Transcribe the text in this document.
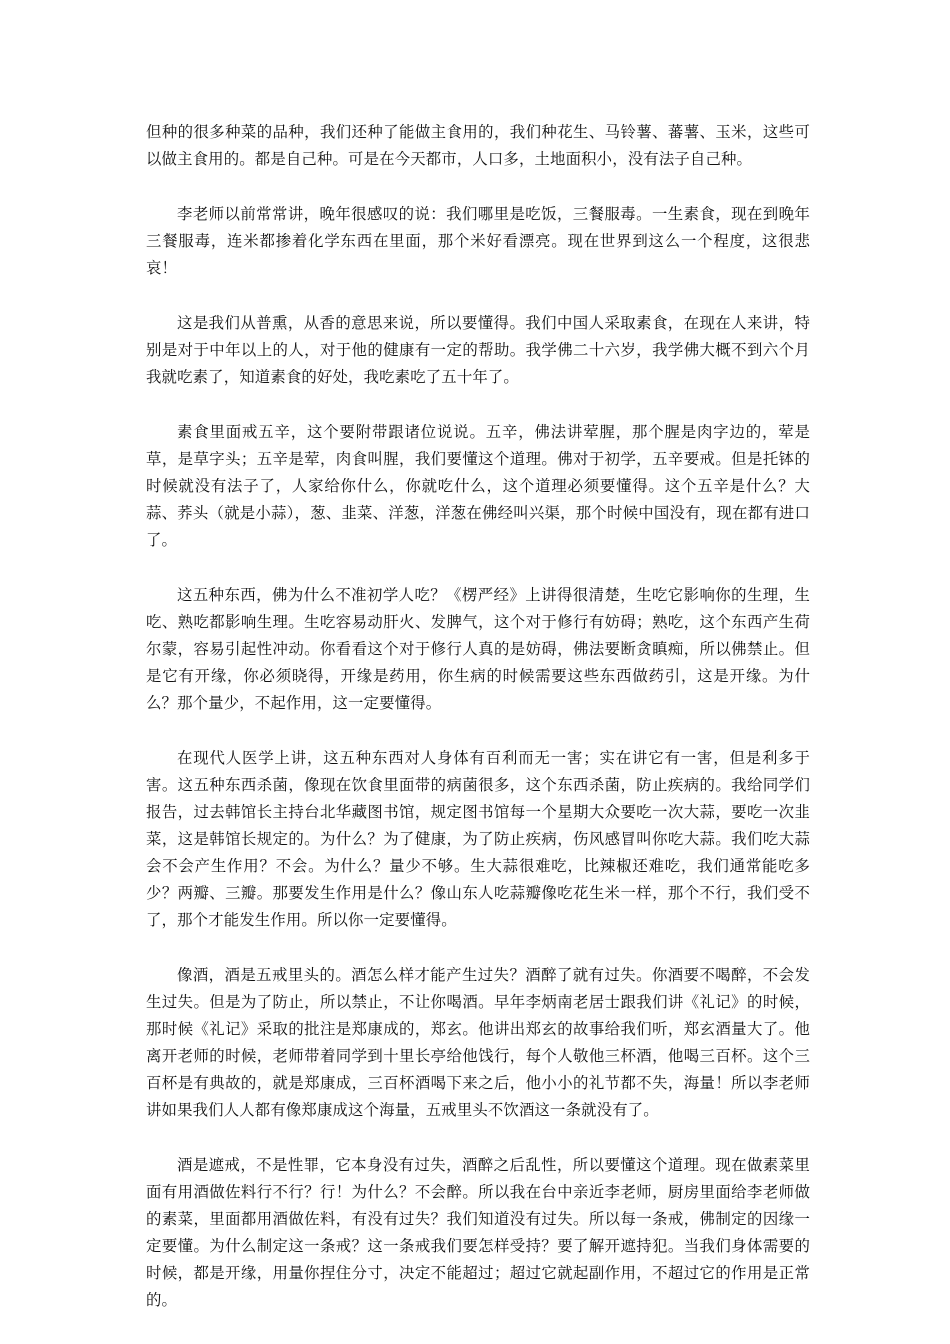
但种的很多种菜的品种，我们还种了能做主食用的，我们种花生、马铃薯、蕃薯、玉米，这些可以做主食用的。都是自己种。可是在今天都市，人口多，土地面积小，没有法子自己种。

李老师以前常常讲，晚年很感叹的说：我们哪里是吃饭，三餐服毒。一生素食，现在到晚年三餐服毒，连米都掺着化学东西在里面，那个米好看漂亮。现在世界到这么一个程度，这很悲哀！

这是我们从普熏，从香的意思来说，所以要懂得。我们中国人采取素食，在现在人来讲，特别是对于中年以上的人，对于他的健康有一定的帮助。我学佛二十六岁，我学佛大概不到六个月我就吃素了，知道素食的好处，我吃素吃了五十年了。

素食里面戒五辛，这个要附带跟诸位说说。五辛，佛法讲荤腥，那个腥是肉字边的，荤是草，是草字头；五辛是荤，肉食叫腥，我们要懂这个道理。佛对于初学，五辛要戒。但是托钵的时候就没有法子了，人家给你什么，你就吃什么，这个道理必须要懂得。这个五辛是什么？大蒜、荞头（就是小蒜），葱、韭菜、洋葱，洋葱在佛经叫兴渠，那个时候中国没有，现在都有进口了。

这五种东西，佛为什么不准初学人吃？《楞严经》上讲得很清楚，生吃它影响你的生理，生吃、熟吃都影响生理。生吃容易动肝火、发脾气，这个对于修行有妨碍；熟吃，这个东西产生荷尔蒙，容易引起性冲动。你看看这个对于修行人真的是妨碍，佛法要断贪瞋痴，所以佛禁止。但是它有开缘，你必须晓得，开缘是药用，你生病的时候需要这些东西做药引，这是开缘。为什么？那个量少，不起作用，这一定要懂得。

在现代人医学上讲，这五种东西对人身体有百利而无一害；实在讲它有一害，但是利多于害。这五种东西杀菌，像现在饮食里面带的病菌很多，这个东西杀菌，防止疾病的。我给同学们报告，过去韩馆长主持台北华藏图书馆，规定图书馆每一个星期大众要吃一次大蒜，要吃一次韭菜，这是韩馆长规定的。为什么？为了健康，为了防止疾病，伤风感冒叫你吃大蒜。我们吃大蒜会不会产生作用？不会。为什么？量少不够。生大蒜很难吃，比辣椒还难吃，我们通常能吃多少？两瓣、三瓣。那要发生作用是什么？像山东人吃蒜瓣像吃花生米一样，那个不行，我们受不了，那个才能发生作用。所以你一定要懂得。

像酒，酒是五戒里头的。酒怎么样才能产生过失？酒醉了就有过失。你酒要不喝醉，不会发生过失。但是为了防止，所以禁止，不让你喝酒。早年李炳南老居士跟我们讲《礼记》的时候，那时候《礼记》采取的批注是郑康成的，郑玄。他讲出郑玄的故事给我们听，郑玄酒量大了。他离开老师的时候，老师带着同学到十里长亭给他饯行，每个人敬他三杯酒，他喝三百杯。这个三百杯是有典故的，就是郑康成，三百杯酒喝下来之后，他小小的礼节都不失，海量！所以李老师讲如果我们人人都有像郑康成这个海量，五戒里头不饮酒这一条就没有了。

酒是遮戒，不是性罪，它本身没有过失，酒醉之后乱性，所以要懂这个道理。现在做素菜里面有用酒做佐料行不行？行！为什么？不会醉。所以我在台中亲近李老师，厨房里面给李老师做的素菜，里面都用酒做佐料，有没有过失？我们知道没有过失。所以每一条戒，佛制定的因缘一定要懂。为什么制定这一条戒？这一条戒我们要怎样受持？要了解开遮持犯。当我们身体需要的时候，都是开缘，用量你捏住分寸，决定不能超过；超过它就起副作用，不超过它的作用是正常的。
